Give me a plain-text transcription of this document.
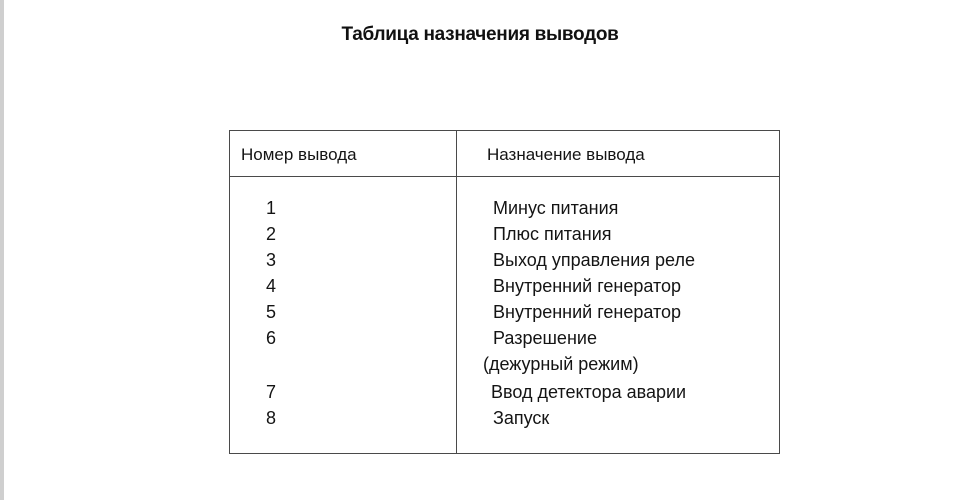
Таблица назначения выводов
Номер вывода	Назначение вывода
1	Минус питания
2	Плюс питания
3	Выход управления реле
4	Внутренний генератор
5	Внутренний генератор
6	Разрешение
(дежурный режим)
7	Ввод детектора аварии
8	Запуск
